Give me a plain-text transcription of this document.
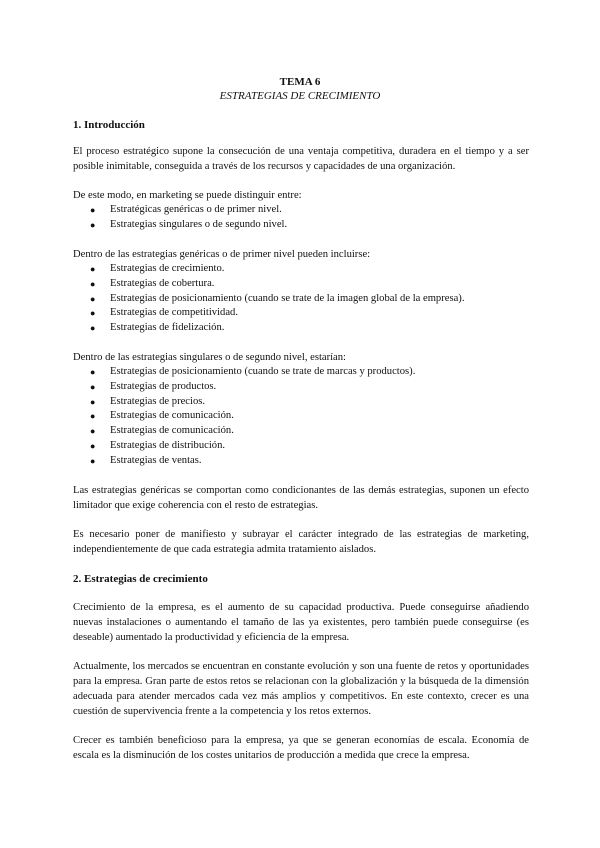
TEMA 6
ESTRATEGIAS DE CRECIMIENTO
1. Introducción

El proceso estratégico supone la consecución de una ventaja competitiva, duradera en el tiempo y a ser posible inimitable, conseguida a través de los recursos y capacidades de una organización.

De este modo, en marketing se puede distinguir entre:

● Estratégicas genéricas o de primer nivel.
● Estrategias singulares o de segundo nivel.

Dentro de las estrategias genéricas o de primer nivel pueden incluirse:

● Estrategias de crecimiento.
● Estrategias de cobertura.
● Estrategias de posicionamiento (cuando se trate de la imagen global de la empresa).
● Estrategias de competitividad.
● Estrategias de fidelización.

Dentro de las estrategias singulares o de segundo nivel, estarían:

● Estrategias de posicionamiento (cuando se trate de marcas y productos).
● Estrategias de productos.
● Estrategias de precios.
● Estrategias de comunicación.
● Estrategias de comunicación.
● Estrategias de distribución.
● Estrategias de ventas.

Las estrategias genéricas se comportan como condicionantes de las demás estrategias, suponen un efecto limitador que exige coherencia con el resto de estrategias.

Es necesario poner de manifiesto y subrayar el carácter integrado de las estrategias de marketing, independientemente de que cada estrategia admita tratamiento aislados.

2. Estrategias de crecimiento

Crecimiento de la empresa, es el aumento de su capacidad productiva. Puede conseguirse añadiendo nuevas instalaciones o aumentando el tamaño de las ya existentes, pero también puede conseguirse (es deseable) aumentado la productividad y eficiencia de la empresa.

Actualmente, los mercados se encuentran en constante evolución y son una fuente de retos y oportunidades para la empresa. Gran parte de estos retos se relacionan con la globalización y la búsqueda de la dimensión adecuada para atender mercados cada vez más amplios y competitivos. En este contexto, crecer es una cuestión de supervivencia frente a la competencia y los retos externos.

Crecer es también beneficioso para la empresa, ya que se generan economías de escala. Economía de escala es la disminución de los costes unitarios de producción a medida que crece la empresa.
